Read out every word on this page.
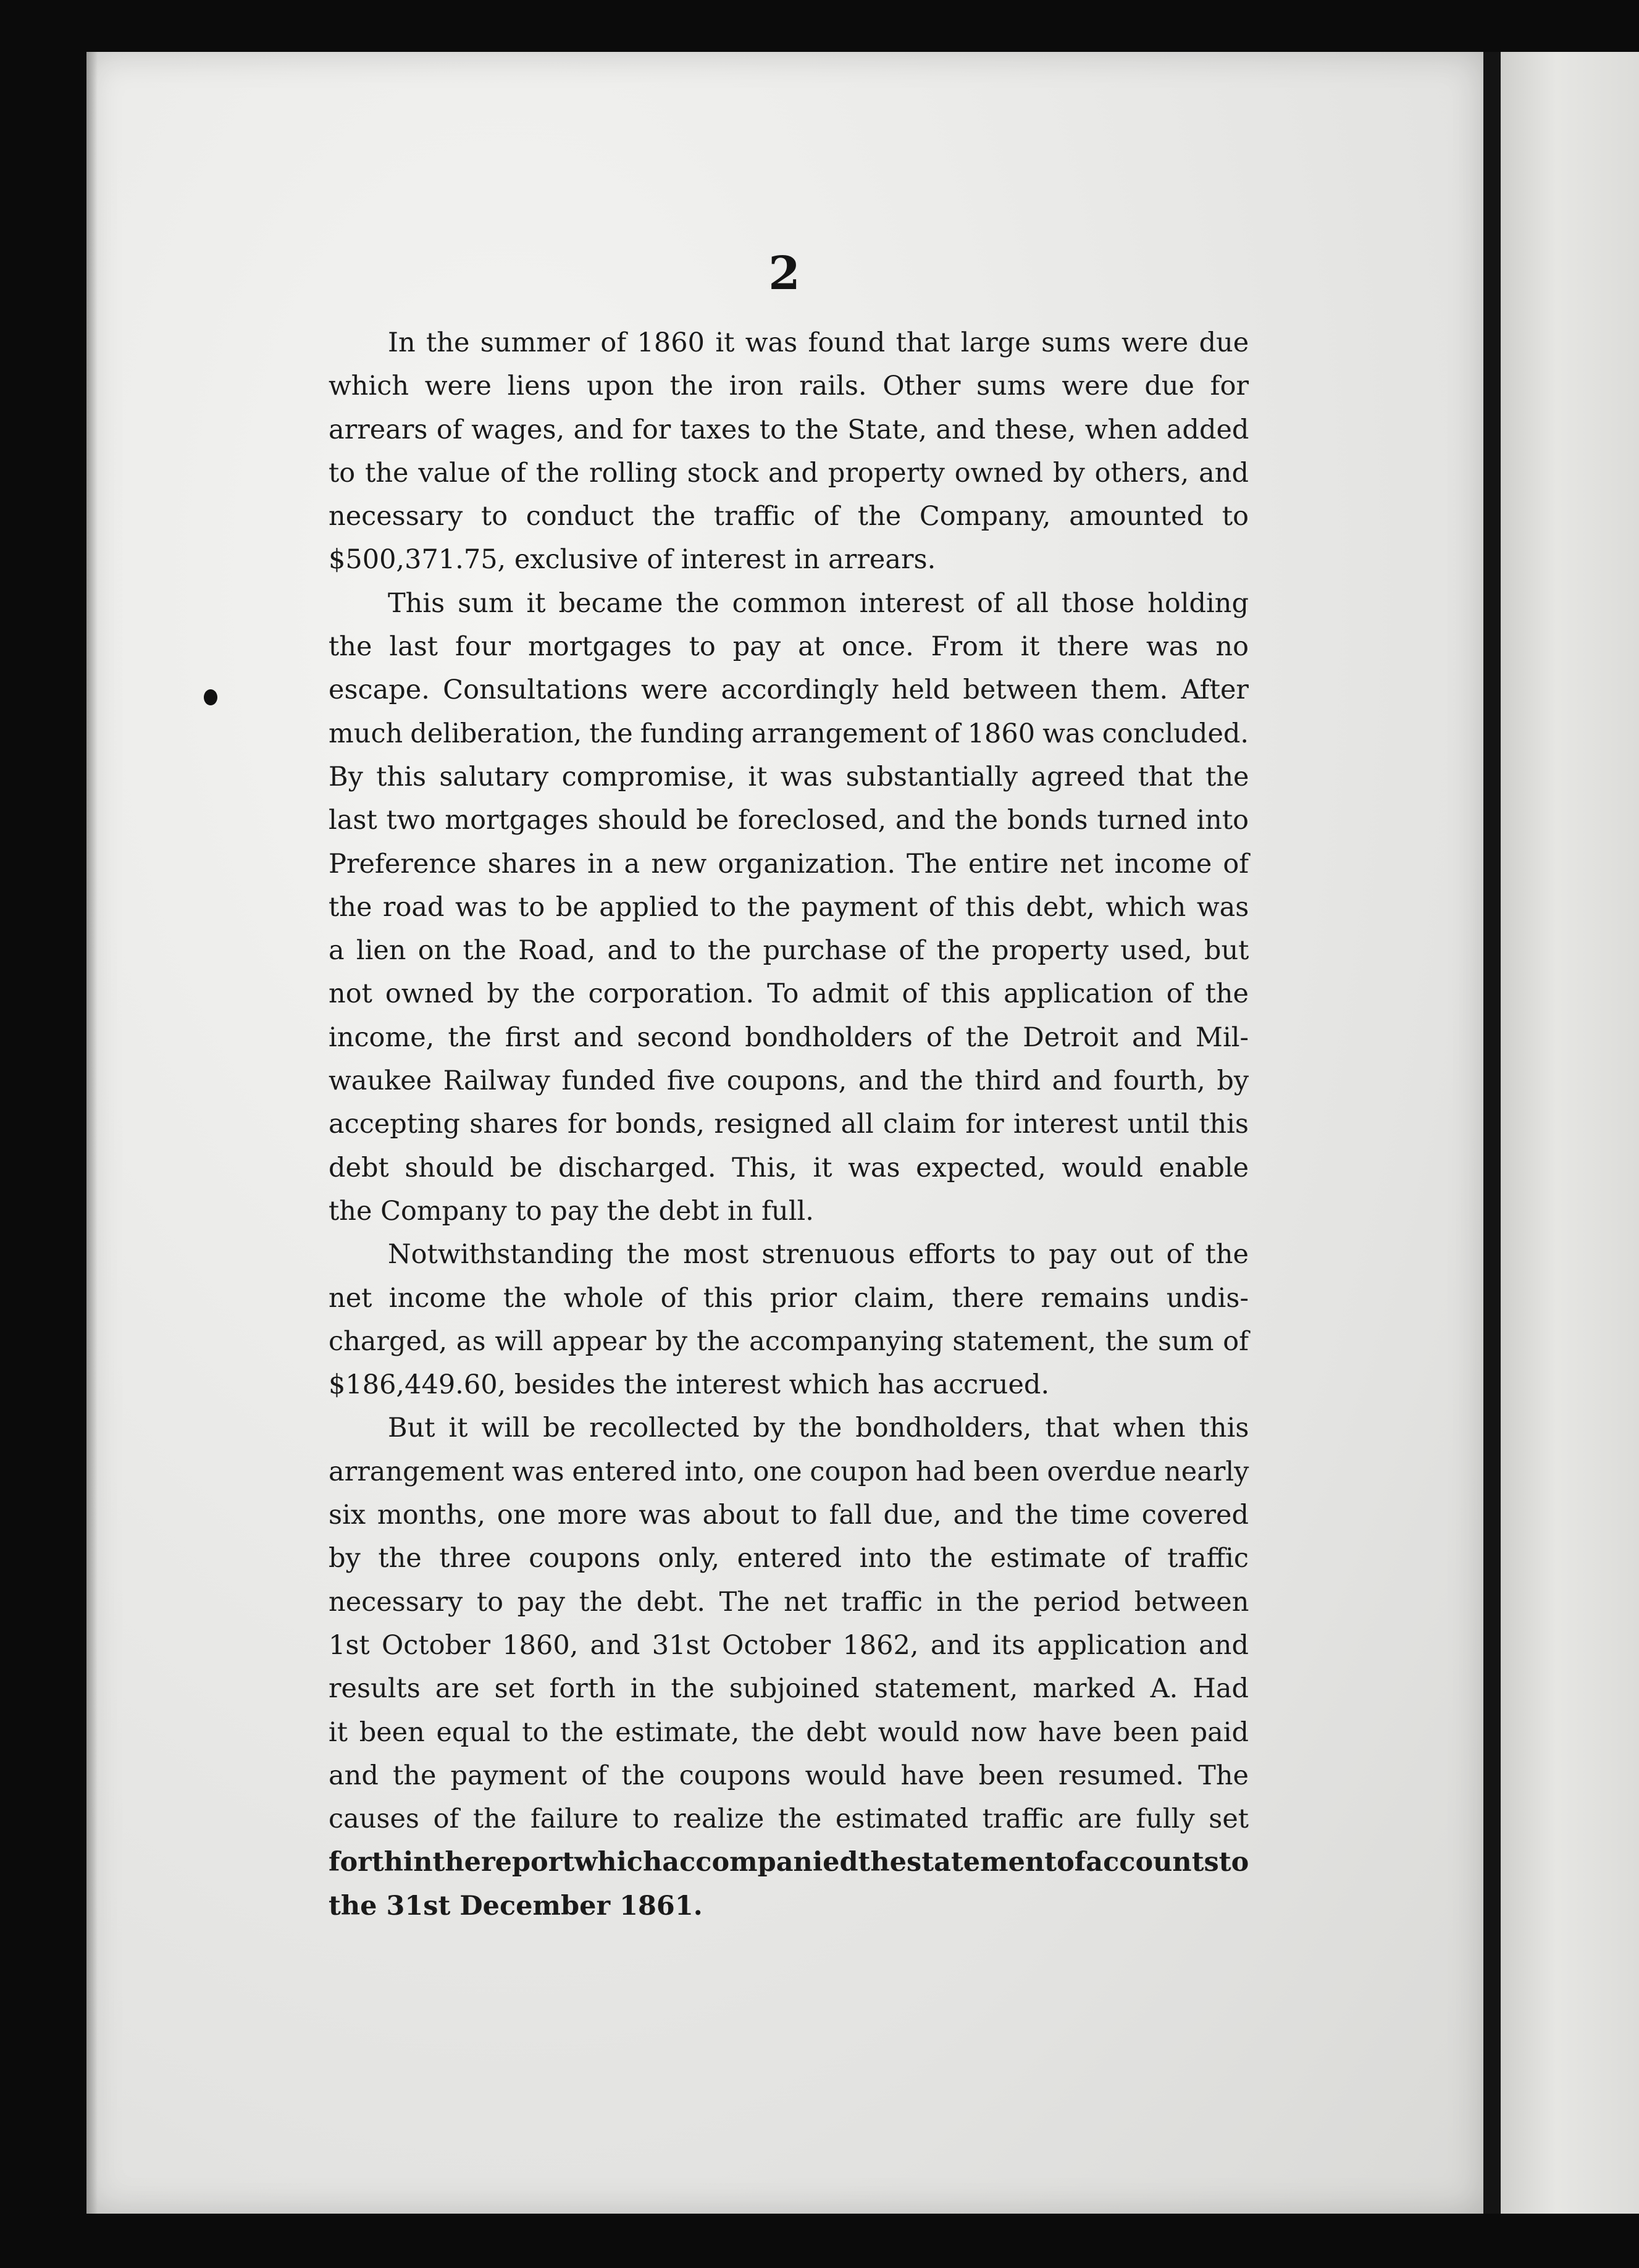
2
In the summer of 1860 it was found that large sums were due
which were liens upon the iron rails. Other sums were due for
arrears of wages, and for taxes to the State, and these, when added
to the value of the rolling stock and property owned by others, and
necessary to conduct the traffic of the Company, amounted to
$500,371.75, exclusive of interest in arrears.
This sum it became the common interest of all those holding
the last four mortgages to pay at once. From it there was no
escape. Consultations were accordingly held between them. After
much deliberation, the funding arrangement of 1860 was concluded.
By this salutary compromise, it was substantially agreed that the
last two mortgages should be foreclosed, and the bonds turned into
Preference shares in a new organization. The entire net income of
the road was to be applied to the payment of this debt, which was
a lien on the Road, and to the purchase of the property used, but
not owned by the corporation. To admit of this application of the
income, the first and second bondholders of the Detroit and Mil-
waukee Railway funded five coupons, and the third and fourth, by
accepting shares for bonds, resigned all claim for interest until this
debt should be discharged. This, it was expected, would enable
the Company to pay the debt in full.
Notwithstanding the most strenuous efforts to pay out of the
net income the whole of this prior claim, there remains undis-
charged, as will appear by the accompanying statement, the sum of
$186,449.60, besides the interest which has accrued.
But it will be recollected by the bondholders, that when this
arrangement was entered into, one coupon had been overdue nearly
six months, one more was about to fall due, and the time covered
by the three coupons only, entered into the estimate of traffic
necessary to pay the debt. The net traffic in the period between
1st October 1860, and 31st October 1862, and its application and
results are set forth in the subjoined statement, marked A. Had
it been equal to the estimate, the debt would now have been paid
and the payment of the coupons would have been resumed. The
causes of the failure to realize the estimated traffic are fully set
forth in the report which accompanied the statement of accounts to
the 31st December 1861.
